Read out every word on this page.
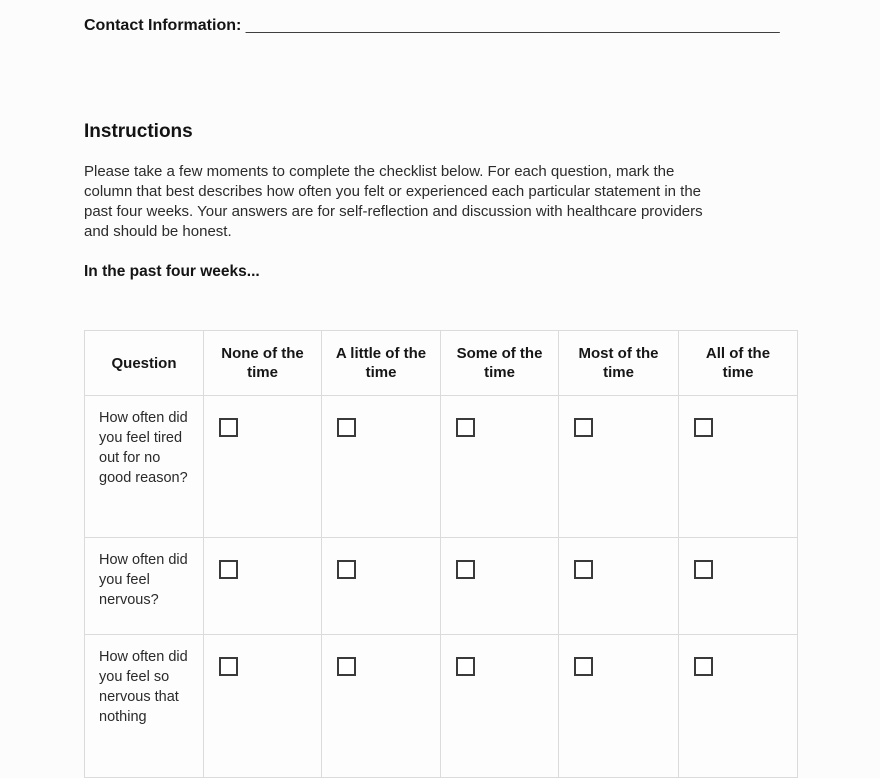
Contact Information: ____________________________________________________________
Instructions
Please take a few moments to complete the checklist below. For each question, mark the
column that best describes how often you felt or experienced each particular statement in the
past four weeks. Your answers are for self-reflection and discussion with healthcare providers
and should be honest.
In the past four weeks...
Question	None of the time	A little of the time	Some of the time	Most of the time	All of the time
How often did you feel tired out for no good reason?					
How often did you feel nervous?					
How often did you feel so nervous that nothing					
